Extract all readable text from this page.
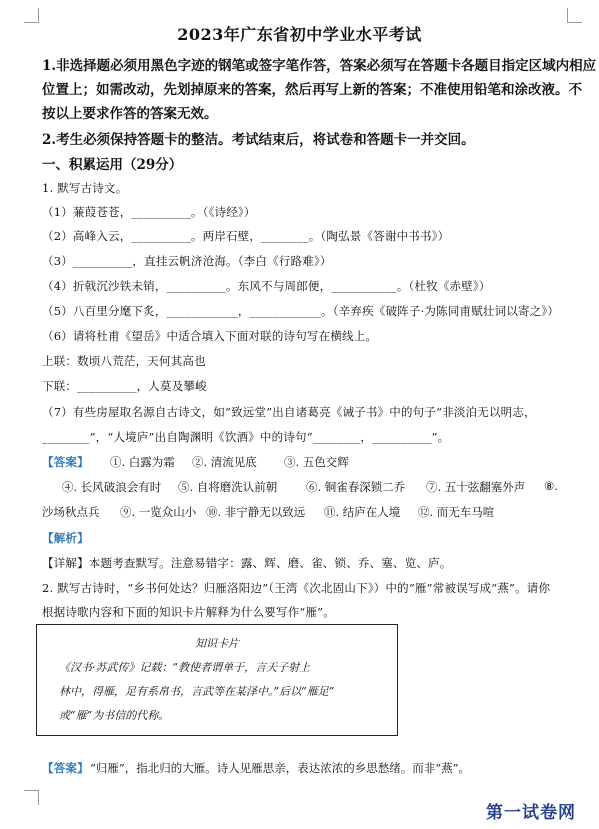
2023年广东省初中学业水平考试
1.非选择题必须用黑色字迹的钢笔或签字笔作答，答案必须写在答题卡各题目指定区域内相应
位置上；如需改动，先划掉原来的答案，然后再写上新的答案；不准使用铅笔和涂改液。不
按以上要求作答的答案无效。
2.考生必须保持答题卡的整洁。考试结束后，将试卷和答题卡一并交回。
一、积累运用（29分）
1. 默写古诗文。
（1）蒹葭苍苍，__________。（《诗经》）
（2）高峰入云，__________。两岸石壁，________。（陶弘景《答谢中书书》）
（3）__________，直挂云帆济沧海。（李白《行路难》）
（4）折戟沉沙铁未销，__________。东风不与周郎便，___________。（杜牧《赤壁》）
（5）八百里分麾下炙，____________，____________。（辛弃疾《破阵子·为陈同甫赋壮词以寄之》）
（6）请将杜甫《望岳》中适合填入下面对联的诗句写在横线上。
上联：数顷八荒茫，天何其高也
下联：__________，人莫及攀峻
（7）有些房屋取名源自古诗文，如“致远堂”出自诸葛亮《诫子书》中的句子“非淡泊无以明志，
________”，“人境庐”出自陶渊明《饮酒》中的诗句“________，__________”。
【答案】 ①. 白露为霜 ②. 清流见底 ③. 五色交辉
④. 长风破浪会有时 ⑤. 自将磨洗认前朝 ⑥. 铜雀春深锁二乔 ⑦. 五十弦翻塞外声 ⑧.
沙场秋点兵 ⑨. 一览众山小 ⑩. 非宁静无以致远 ⑪. 结庐在人境 ⑫. 而无车马喧
【解析】
【详解】本题考查默写。注意易错字：露、辉、磨、雀、锁、乔、塞、览、庐。
2. 默写古诗时，“乡书何处达？归雁洛阳边”（王湾《次北固山下》）中的“雁”常被误写成“燕”。请你
根据诗歌内容和下面的知识卡片解释为什么要写作“雁”。
知识卡片
《汉书·苏武传》记载：“教使者谓单于，言天子射上
林中，得雁，足有系帛书，言武等在某泽中。”后以“雁足”
或“雁”为书信的代称。
【答案】 “归雁”，指北归的大雁。诗人见雁思亲，表达浓浓的乡思愁绪。而非“燕”。
第一试卷网
